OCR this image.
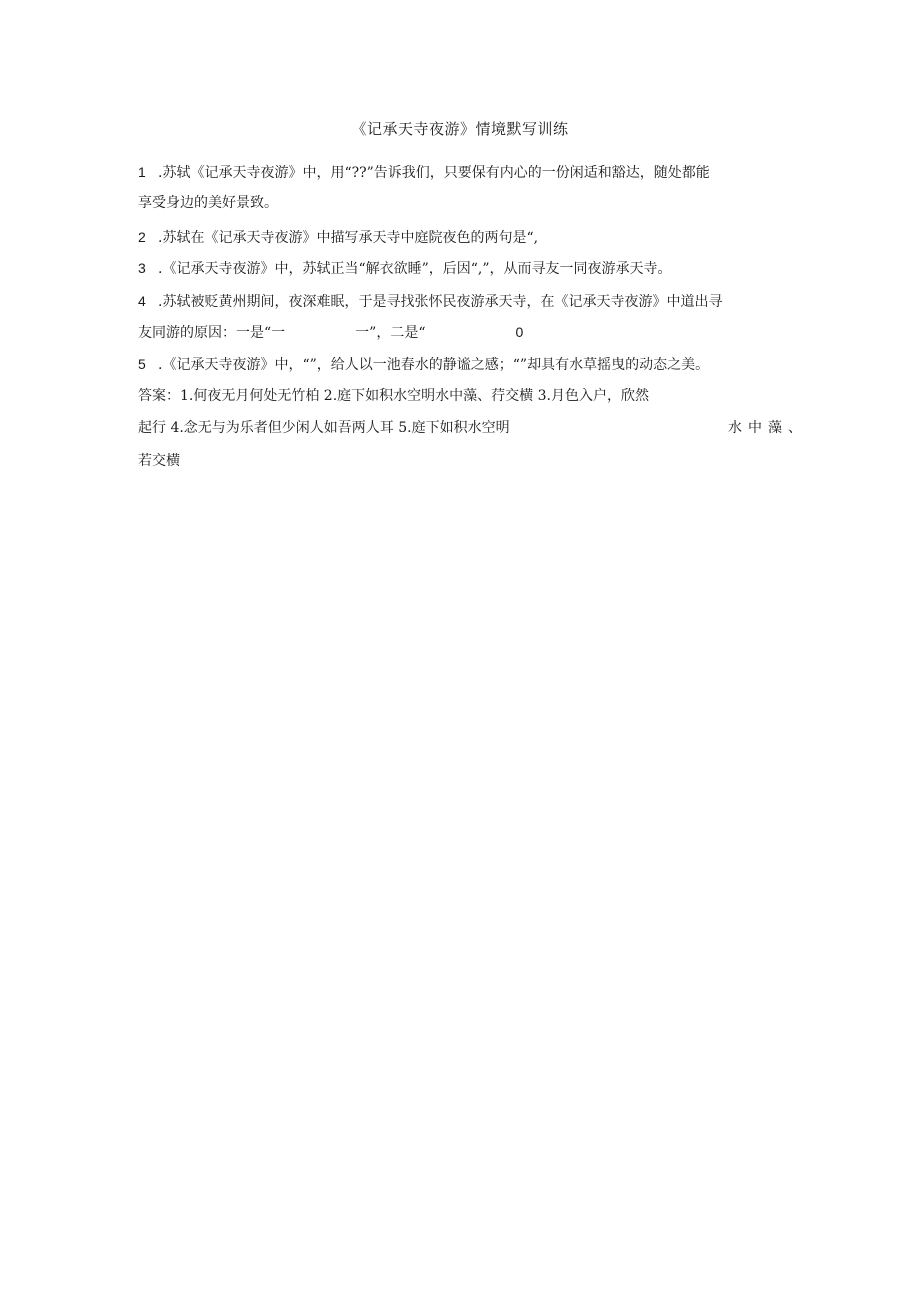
《记承天寺夜游》情境默写训练
1 .苏轼《记承天寺夜游》中，用“??”告诉我们，只要保有内心的一份闲适和豁达，随处都能
享受身边的美好景致。
2 .苏轼在《记承天寺夜游》中描写承天寺中庭院夜色的两句是“,
3 .《记承天寺夜游》中，苏轼正当“解衣欲睡”，后因“,”，从而寻友一同夜游承天寺。
4 .苏轼被贬黄州期间，夜深难眠，于是寻找张怀民夜游承天寺，在《记承天寺夜游》中道出寻
友同游的原因：一是“一	一”，二是“	0
5 .《记承天寺夜游》中，“”，给人以一池春水的静谧之感；“”却具有水草摇曳的动态之美。
答案：1.何夜无月何处无竹柏 2.庭下如积水空明水中藻、荇交横 3.月色入户，欣然
起行 4.念无与为乐者但少闲人如吾两人耳 5.庭下如积水空明	水中藻、
若交横
